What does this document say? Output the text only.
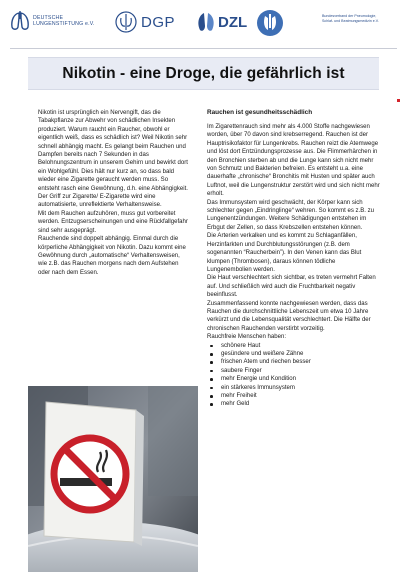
DEUTSCHE
LUNGENSTIFTUNG e.V.	DGP	DZL	Bundesverband der Pneumologie,
Schlaf- und Beatmungsmedizin e.V.
Nikotin - eine Droge, die gefährlich ist

Nikotin ist ursprünglich ein Nervengift, das die Tabakpflanze zur Abwehr von schädlichen Insekten produziert. Warum raucht ein Raucher, obwohl er eigentlich weiß, dass es schädlich ist? Weil Nikotin sehr schnell abhängig macht. Es gelangt beim Rauchen und Dampfen bereits nach 7 Sekunden in das Belohnungszentrum in unserem Gehirn und bewirkt dort ein Wohlgefühl. Dies hält nur kurz an, so dass bald wieder eine Zigarette geraucht werden muss. So entsteht rasch eine Gewöhnung, d.h. eine Abhängigkeit. Der Griff zur Zigarette/ E-Zigarette wird eine automatisierte, unreflektierte Verhaltensweise.

Mit dem Rauchen aufzuhören, muss gut vorbereitet werden. Entzugserscheinungen und eine Rückfallgefahr sind sehr ausgeprägt.

Rauchende sind doppelt abhängig. Einmal durch die körperliche Abhängigkeit von Nikotin. Dazu kommt eine Gewöhnung durch „automatische“ Verhaltensweisen, wie z.B. das Rauchen morgens nach dem Aufstehen oder nach dem Essen.

Rauchen ist gesundheitsschädlich

Im Zigarettenrauch sind mehr als 4.000 Stoffe nachgewiesen worden, über 70 davon sind krebserregend. Rauchen ist der Hauptrisikofaktor für Lungenkrebs. Rauchen reizt die Atemwege und löst dort Entzündungsprozesse aus. Die Flimmerhärchen in den Bronchien sterben ab und die Lunge kann sich nicht mehr von Schmutz und Bakterien befreien. Es entsteht u.a. eine dauerhafte „chronische“ Bronchitis mit Husten und später auch Luftnot, weil die Lungenstruktur zerstört wird und sich nicht mehr erholt.

Das Immunsystem wird geschwächt, der Körper kann sich schlechter gegen „Eindringlinge“ wehren. So kommt es z.B. zu Lungenentzündungen. Weitere Schädigungen entstehen im Erbgut der Zellen, so dass Krebszellen entstehen können.

Die Arterien verkalken und es kommt zu Schlaganfällen, Herzinfarkten und Durchblutungsstörungen (z.B. dem sogenannten “Raucherbein”). In den Venen kann das Blut klumpen (Thrombosen), daraus können tödliche Lungenembolien werden.

Die Haut verschlechtert sich sichtbar, es treten vermehrt Falten auf. Und schließlich wird auch die Fruchtbarkeit negativ beeinflusst.

Zusammenfassend konnte nachgewiesen werden, dass das Rauchen die durchschnittliche Lebenszeit um etwa 10 Jahre verkürzt und die Lebensqualität verschlechtert. Die Hälfte der chronischen Rauchenden verstirbt vorzeitig.

Rauchfreie Menschen haben:

schönere Haut
gesündere und weißere Zähne
frischen Atem und riechen besser
saubere Finger
mehr Energie und Kondition
ein stärkeres Immunsystem
mehr Freiheit
mehr Geld
